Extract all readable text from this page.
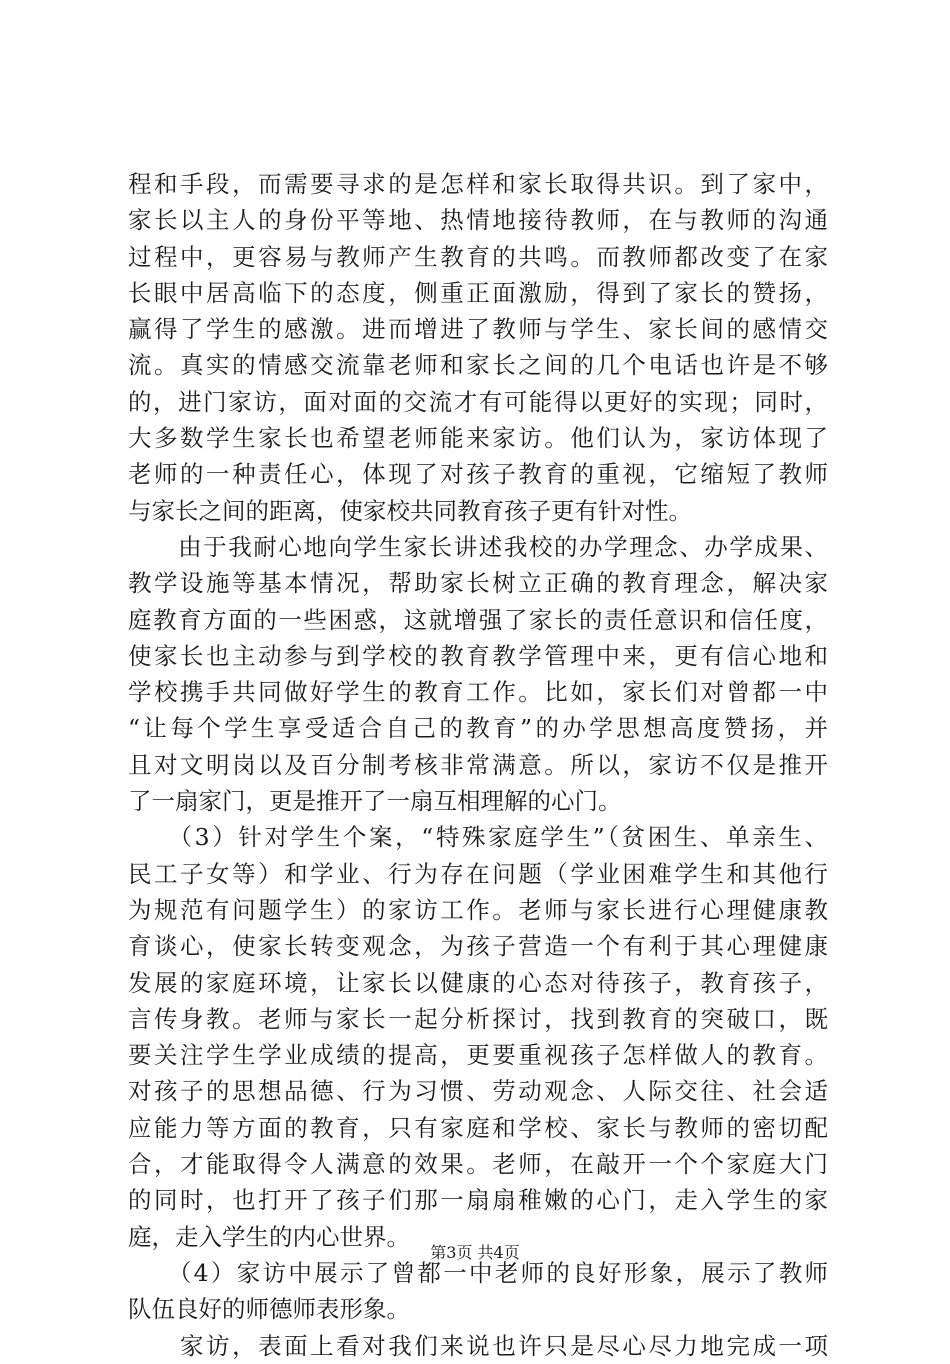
程和手段，而需要寻求的是怎样和家长取得共识。到了家中，
家长以主人的身份平等地、热情地接待教师，在与教师的沟通
过程中，更容易与教师产生教育的共鸣。而教师都改变了在家
长眼中居高临下的态度，侧重正面激励，得到了家长的赞扬，
赢得了学生的感激。进而增进了教师与学生、家长间的感情交
流。真实的情感交流靠老师和家长之间的几个电话也许是不够
的，进门家访，面对面的交流才有可能得以更好的实现；同时，
大多数学生家长也希望老师能来家访。他们认为，家访体现了
老师的一种责任心，体现了对孩子教育的重视，它缩短了教师
与家长之间的距离，使家校共同教育孩子更有针对性。
　　由于我耐心地向学生家长讲述我校的办学理念、办学成果、
教学设施等基本情况，帮助家长树立正确的教育理念，解决家
庭教育方面的一些困惑，这就增强了家长的责任意识和信任度，
使家长也主动参与到学校的教育教学管理中来，更有信心地和
学校携手共同做好学生的教育工作。比如，家长们对曾都一中
“让每个学生享受适合自己的教育”的办学思想高度赞扬，并
且对文明岗以及百分制考核非常满意。所以，家访不仅是推开
了一扇家门，更是推开了一扇互相理解的心门。
　　（3）针对学生个案，“特殊家庭学生”（贫困生、单亲生、
民工子女等）和学业、行为存在问题（学业困难学生和其他行
为规范有问题学生）的家访工作。老师与家长进行心理健康教
育谈心，使家长转变观念，为孩子营造一个有利于其心理健康
发展的家庭环境，让家长以健康的心态对待孩子，教育孩子，
言传身教。老师与家长一起分析探讨，找到教育的突破口，既
要关注学生学业成绩的提高，更要重视孩子怎样做人的教育。
对孩子的思想品德、行为习惯、劳动观念、人际交往、社会适
应能力等方面的教育，只有家庭和学校、家长与教师的密切配
合，才能取得令人满意的效果。老师，在敲开一个个家庭大门
的同时，也打开了孩子们那一扇扇稚嫩的心门，走入学生的家
庭，走入学生的内心世界。
　　（4）家访中展示了曾都一中老师的良好形象，展示了教师
队伍良好的师德师表形象。
　　家访，表面上看对我们来说也许只是尽心尽力地完成一项
第3页 共4页
